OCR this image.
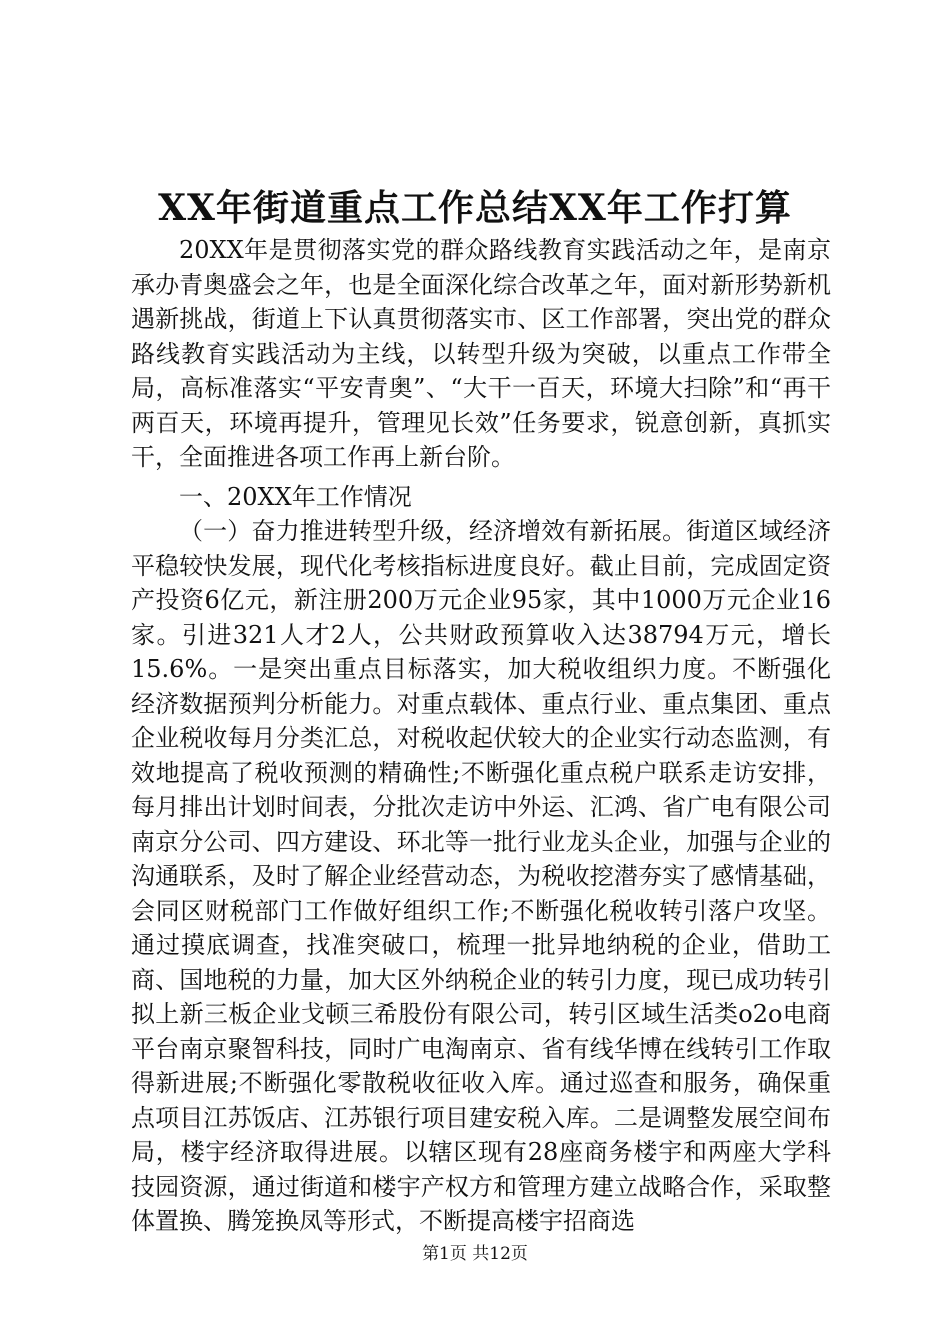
XX年街道重点工作总结XX年工作打算

20XX年是贯彻落实党的群众路线教育实践活动之年，是南京承办青奥盛会之年，也是全面深化综合改革之年，面对新形势新机遇新挑战，街道上下认真贯彻落实市、区工作部署，突出党的群众路线教育实践活动为主线，以转型升级为突破，以重点工作带全局，高标准落实“平安青奥”、“大干一百天，环境大扫除”和“再干两百天，环境再提升，管理见长效”任务要求，锐意创新，真抓实干，全面推进各项工作再上新台阶。

一、20XX年工作情况

（一）奋力推进转型升级，经济增效有新拓展。街道区域经济平稳较快发展，现代化考核指标进度良好。截止目前，完成固定资产投资6亿元，新注册200万元企业95家，其中1000万元企业16家。引进321人才2人，公共财政预算收入达38794万元，增长15.6%。一是突出重点目标落实，加大税收组织力度。不断强化经济数据预判分析能力。对重点载体、重点行业、重点集团、重点企业税收每月分类汇总，对税收起伏较大的企业实行动态监测，有效地提高了税收预测的精确性;不断强化重点税户联系走访安排，每月排出计划时间表，分批次走访中外运、汇鸿、省广电有限公司南京分公司、四方建设、环北等一批行业龙头企业，加强与企业的沟通联系，及时了解企业经营动态，为税收挖潜夯实了感情基础，会同区财税部门工作做好组织工作;不断强化税收转引落户攻坚。通过摸底调查，找准突破口，梳理一批异地纳税的企业，借助工商、国地税的力量，加大区外纳税企业的转引力度，现已成功转引拟上新三板企业戈顿三希股份有限公司，转引区域生活类o2o电商平台南京聚智科技，同时广电淘南京、省有线华博在线转引工作取得新进展;不断强化零散税收征收入库。通过巡查和服务，确保重点项目江苏饭店、江苏银行项目建安税入库。二是调整发展空间布局，楼宇经济取得进展。以辖区现有28座商务楼宇和两座大学科技园资源，通过街道和楼宇产权方和管理方建立战略合作，采取整体置换、腾笼换凤等形式，不断提高楼宇招商选

第1页 共12页
